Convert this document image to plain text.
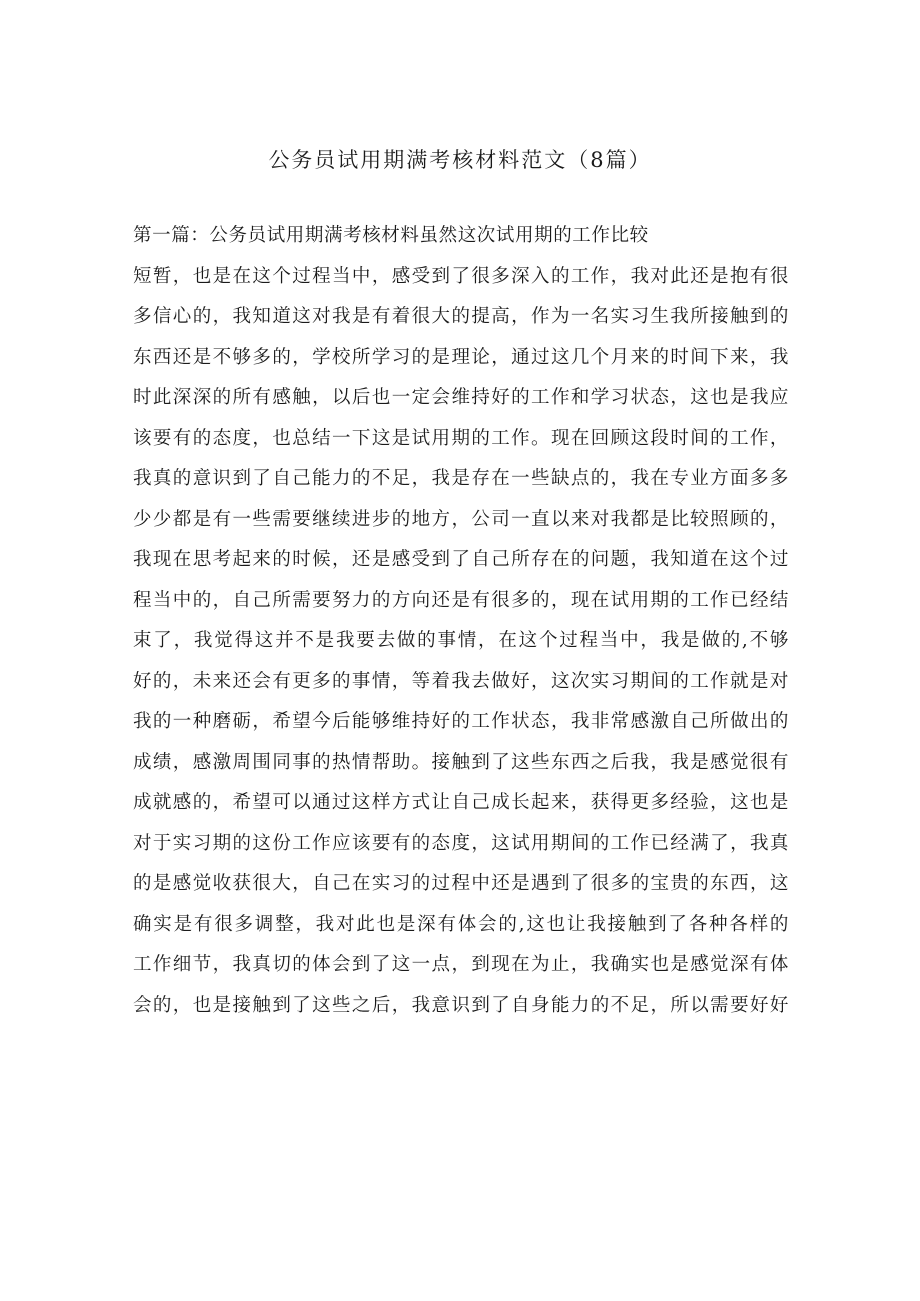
公务员试用期满考核材料范文（8篇）
第一篇：公务员试用期满考核材料虽然这次试用期的工作比较
短暂，也是在这个过程当中，感受到了很多深入的工作，我对此还是抱有很
多信心的，我知道这对我是有着很大的提高，作为一名实习生我所接触到的
东西还是不够多的，学校所学习的是理论，通过这几个月来的时间下来，我
时此深深的所有感触，以后也一定会维持好的工作和学习状态，这也是我应
该要有的态度，也总结一下这是试用期的工作。现在回顾这段时间的工作，
我真的意识到了自己能力的不足，我是存在一些缺点的，我在专业方面多多
少少都是有一些需要继续进步的地方，公司一直以来对我都是比较照顾的，
我现在思考起来的时候，还是感受到了自己所存在的问题，我知道在这个过
程当中的，自己所需要努力的方向还是有很多的，现在试用期的工作已经结
束了，我觉得这并不是我要去做的事情，在这个过程当中，我是做的,不够
好的，未来还会有更多的事情，等着我去做好，这次实习期间的工作就是对
我的一种磨砺，希望今后能够维持好的工作状态，我非常感激自己所做出的
成绩，感激周围同事的热情帮助。接触到了这些东西之后我，我是感觉很有
成就感的，希望可以通过这样方式让自己成长起来，获得更多经验，这也是
对于实习期的这份工作应该要有的态度，这试用期间的工作已经满了，我真
的是感觉收获很大，自己在实习的过程中还是遇到了很多的宝贵的东西，这
确实是有很多调整，我对此也是深有体会的,这也让我接触到了各种各样的
工作细节，我真切的体会到了这一点，到现在为止，我确实也是感觉深有体
会的，也是接触到了这些之后，我意识到了自身能力的不足，所以需要好好
